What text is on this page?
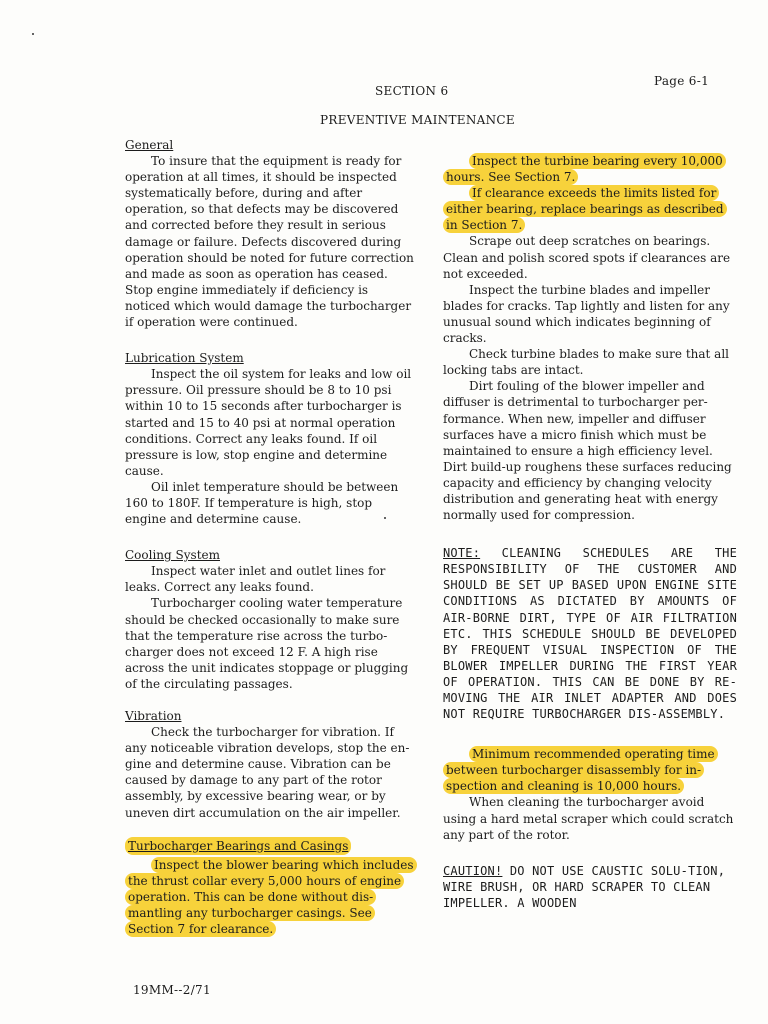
Page 6-1
SECTION 6
PREVENTIVE MAINTENANCE
General

To insure that the equipment is ready for operation at all times, it should be inspected systematically before, during and after operation, so that defects may be discovered and corrected before they result in serious damage or failure. Defects discovered during operation should be noted for future correction and made as soon as operation has ceased. Stop engine immediately if deficiency is noticed which would damage the turbocharger if operation were continued.

Lubrication System

Inspect the oil system for leaks and low oil pressure. Oil pressure should be 8 to 10 psi within 10 to 15 seconds after turbocharger is started and 15 to 40 psi at normal operation conditions. Correct any leaks found. If oil pressure is low, stop engine and determine cause.

Oil inlet temperature should be between 160 to 180F. If temperature is high, stop engine and determine cause.

Cooling System

Inspect water inlet and outlet lines for leaks. Correct any leaks found.

Turbocharger cooling water temperature should be checked occasionally to make sure that the temperature rise across the turbo-charger does not exceed 12 F. A high rise across the unit indicates stoppage or plugging of the circulating passages.

Vibration

Check the turbocharger for vibration. If any noticeable vibration develops, stop the en-gine and determine cause. Vibration can be caused by damage to any part of the rotor assembly, by excessive bearing wear, or by uneven dirt accumulation on the air impeller.

Turbocharger Bearings and Casings

Inspect the blower bearing which includes the thrust collar every 5,000 hours of engine operation. This can be done without dis-mantling any turbocharger casings. See Section 7 for clearance.

Inspect the turbine bearing every 10,000 hours. See Section 7.

If clearance exceeds the limits listed for either bearing, replace bearings as described in Section 7.

Scrape out deep scratches on bearings. Clean and polish scored spots if clearances are not exceeded.

Inspect the turbine blades and impeller blades for cracks. Tap lightly and listen for any unusual sound which indicates beginning of cracks.

Check turbine blades to make sure that all locking tabs are intact.

Dirt fouling of the blower impeller and diffuser is detrimental to turbocharger per-formance. When new, impeller and diffuser surfaces have a micro finish which must be maintained to ensure a high efficiency level. Dirt build-up roughens these surfaces reducing capacity and efficiency by changing velocity distribution and generating heat with energy normally used for compression.

NOTE: CLEANING SCHEDULES ARE THE RESPONSIBILITY OF THE CUSTOMER AND SHOULD BE SET UP BASED UPON ENGINE SITE CONDITIONS AS DICTATED BY AMOUNTS OF AIR-BORNE DIRT, TYPE OF AIR FILTRATION ETC. THIS SCHEDULE SHOULD BE DEVELOPED BY FREQUENT VISUAL INSPECTION OF THE BLOWER IMPELLER DURING THE FIRST YEAR OF OPERATION. THIS CAN BE DONE BY RE-MOVING THE AIR INLET ADAPTER AND DOES NOT REQUIRE TURBOCHARGER DIS-ASSEMBLY.

Minimum recommended operating time between turbocharger disassembly for in-spection and cleaning is 10,000 hours.

When cleaning the turbocharger avoid using a hard metal scraper which could scratch any part of the rotor.

CAUTION! DO NOT USE CAUSTIC SOLU-TION, WIRE BRUSH, OR HARD SCRAPER TO CLEAN IMPELLER. A WOODEN

19MM--2/71
